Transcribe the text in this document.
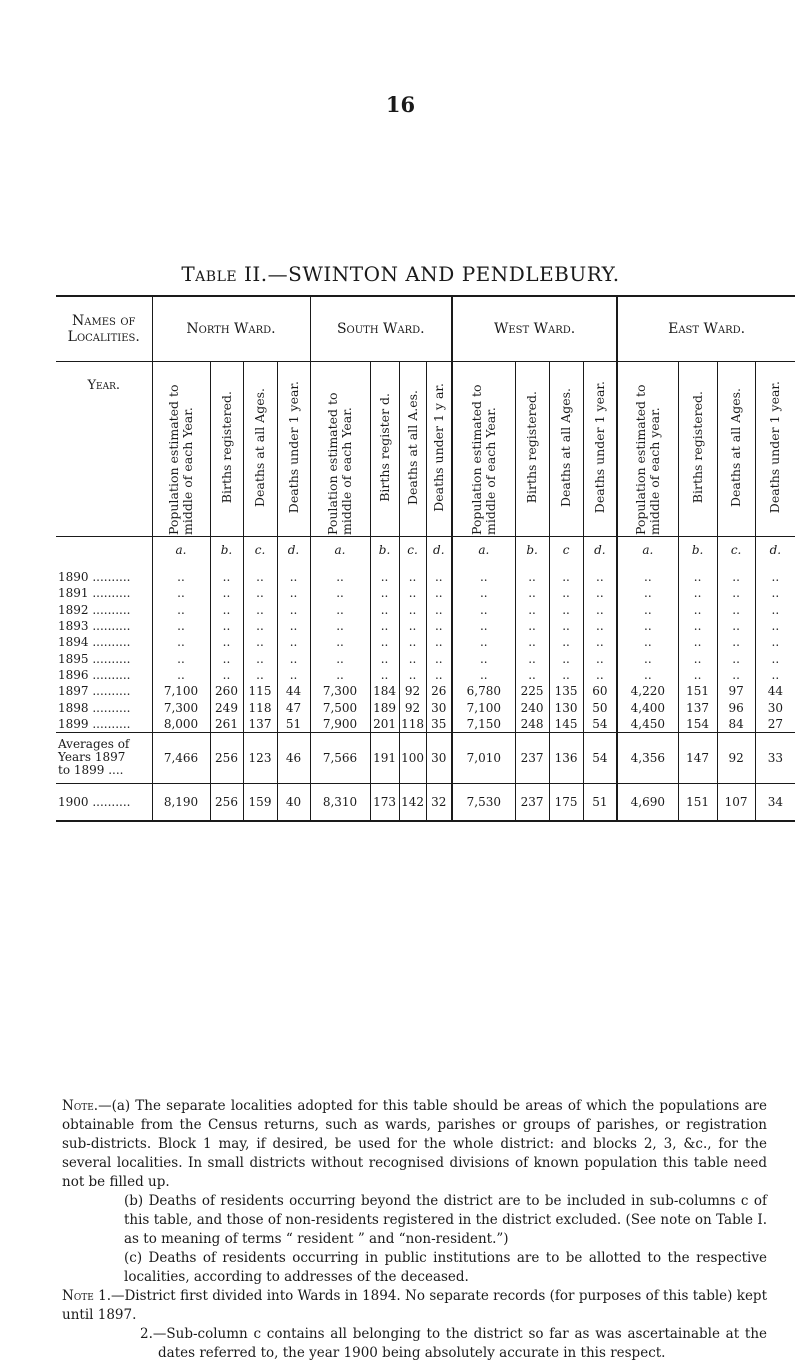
16
Table II.—SWINTON AND PENDLEBURY.
Names of Localities.	North Ward.				South Ward.				West Ward.				East Ward.			
Year.	Population estimated to middle of each Year.	Births registered.	Deaths at all Ages.	Deaths under 1 year.	Poulation estimated to middle of each Year.	Births register d.	Deaths at all A.es.	Deaths under 1 y ar.	Population estimated to middle of each Year.	Births registered.	Deaths at all Ages.	Deaths under 1 year.	Population estimated to middle of each year.	Births registered.	Deaths at all Ages.	Deaths under 1 year.
	a.	b.	c.	d.	a.	b.	c.	d.	a.	b.	c	d.	a.	b.	c.	d.
1890 ..........	..	..	..	..	..	..	..	..	..	..	..	..	..	..	..	..
1891 ..........	..	..	..	..	..	..	..	..	..	..	..	..	..	..	..	..
1892 ..........	..	..	..	..	..	..	..	..	..	..	..	..	..	..	..	..
1893 ..........	..	..	..	..	..	..	..	..	..	..	..	..	..	..	..	..
1894 ..........	..	..	..	..	..	..	..	..	..	..	..	..	..	..	..	..
1895 ..........	..	..	..	..	..	..	..	..	..	..	..	..	..	..	..	..
1896 ..........	..	..	..	..	..	..	..	..	..	..	..	..	..	..	..	..
1897 ..........	7,100	260	115	44	7,300	184	92	26	6,780	225	135	60	4,220	151	97	44
1898 ..........	7,300	249	118	47	7,500	189	92	30	7,100	240	130	50	4,400	137	96	30
1899 ..........	8,000	261	137	51	7,900	201	118	35	7,150	248	145	54	4,450	154	84	27

Averages of
Years 1897
to 1899 ....	7,466	256	123	46	7,566	191	100	30	7,010	237	136	54	4,356	147	92	33
1900 ..........	8,190	256	159	40	8,310	173	142	32	7,530	237	175	51	4,690	151	107	34

Note.—(a) The separate localities adopted for this table should be areas of which the populations are obtainable from the Census returns, such as wards, parishes or groups of parishes, or registration sub-districts. Block 1 may, if desired, be used for the whole district: and blocks 2, 3, &c., for the several localities. In small districts without recognised divisions of known population this table need not be filled up.

(b) Deaths of residents occurring beyond the district are to be included in sub-columns c of this table, and those of non-residents registered in the district excluded. (See note on Table I. as to meaning of terms “ resident ” and “non-resident.”)

(c) Deaths of residents occurring in public institutions are to be allotted to the respective localities, according to addresses of the deceased.

Note 1.—District first divided into Wards in 1894. No separate records (for purposes of this table) kept until 1897.

2.—Sub-column c contains all belonging to the district so far as was ascertainable at the dates referred to, the year 1900 being absolutely accurate in this respect.
